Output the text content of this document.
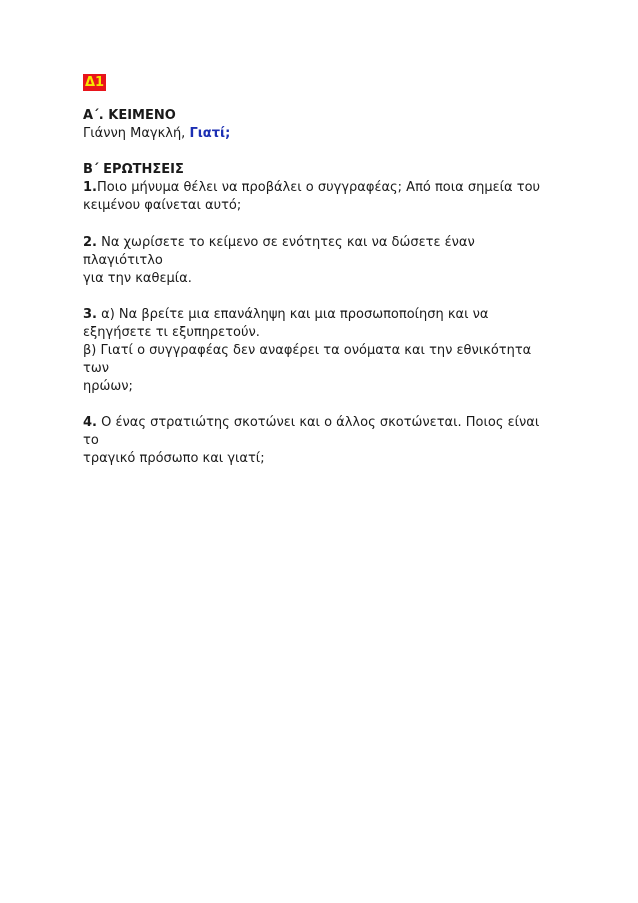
Δ1
Α΄. ΚΕΙΜΕΝΟ
Γιάννη Μαγκλή, Γιατί;
Β΄ ΕΡΩΤΗΣΕΙΣ
1.Ποιο μήνυμα θέλει να προβάλει ο συγγραφέας; Από ποια σημεία του
κειμένου φαίνεται αυτό;
2. Να χωρίσετε το κείμενο σε ενότητες και να δώσετε έναν πλαγιότιτλο
για την καθεμία.
3. α) Να βρείτε μια επανάληψη και μια προσωποποίηση και να
εξηγήσετε τι εξυπηρετούν.
β) Γιατί ο συγγραφέας δεν αναφέρει τα ονόματα και την εθνικότητα των
ηρώων;
4. Ο ένας στρατιώτης σκοτώνει και ο άλλος σκοτώνεται. Ποιος είναι το
τραγικό πρόσωπο και γιατί;
